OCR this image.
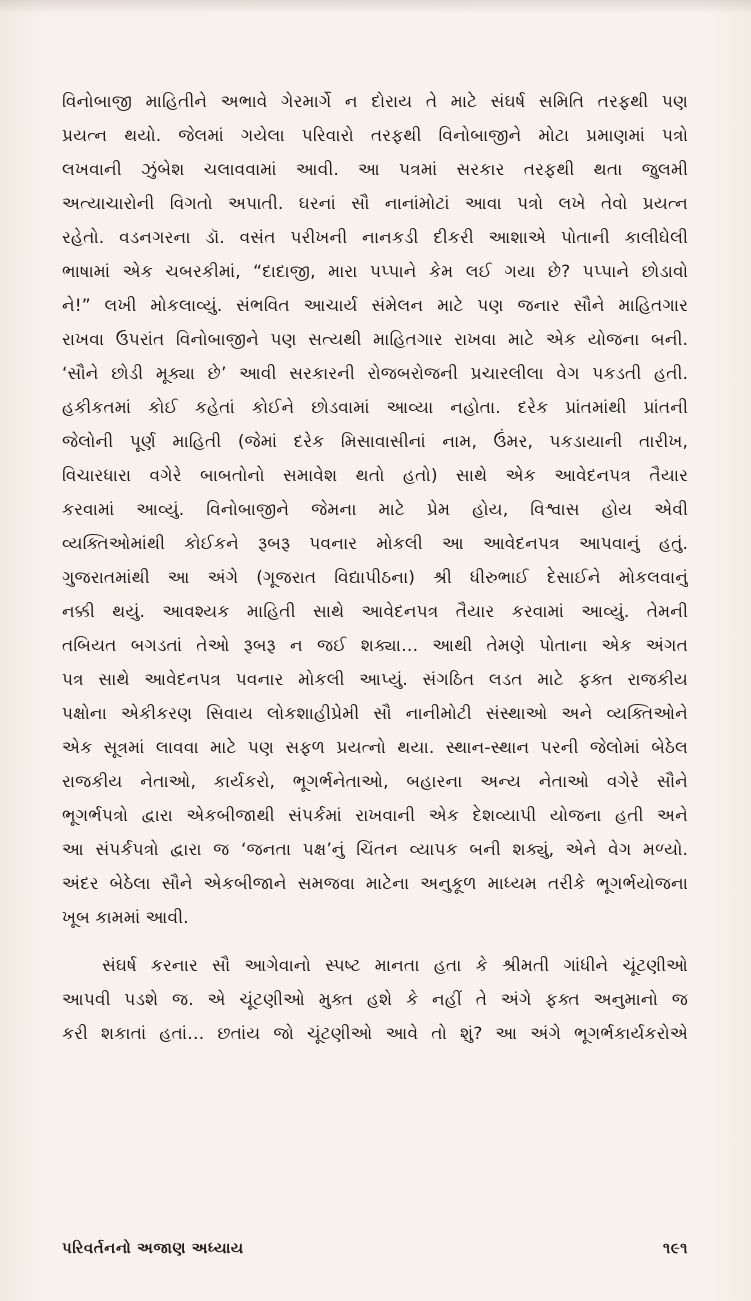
વિનોબાજી માહિતીને અભાવે ગેરમાર્ગે ન દોરાય તે માટે સંઘર્ષ સમિતિ તરફથી પણ
પ્રયત્ન થયો. જેલમાં ગયેલા પરિવારો તરફથી વિનોબાજીને મોટા પ્રમાણમાં પત્રો
લખવાની ઝુંબેશ ચલાવવામાં આવી. આ પત્રમાં સરકાર તરફથી થતા જુલમી
અત્યાચારોની વિગતો અપાતી. ઘરનાં સૌ નાનાંમોટાં આવા પત્રો લખે તેવો પ્રયત્ન
રહેતો. વડનગરના ડૉ. વસંત પરીખની નાનકડી દીકરી આશાએ પોતાની કાલીઘેલી
ભાષામાં એક ચબરકીમાં, “દાદાજી, મારા પપ્પાને કેમ લઈ ગયા છે? પપ્પાને છોડાવો
ને!” લખી મોકલાવ્યું. સંભવિત આચાર્ય સંમેલન માટે પણ જનાર સૌને માહિતગાર
રાખવા ઉપરાંત વિનોબાજીને પણ સત્યથી માહિતગાર રાખવા માટે એક યોજના બની.
‘સૌને છોડી મૂક્યા છે’ આવી સરકારની રોજબરોજની પ્રચારલીલા વેગ પકડતી હતી.
હકીકતમાં કોઈ કહેતાં કોઈને છોડવામાં આવ્યા નહોતા. દરેક પ્રાંતમાંથી પ્રાંતની
જેલોની પૂર્ણ માહિતી (જેમાં દરેક મિસાવાસીનાં નામ, ઉંમર, પકડાયાની તારીખ,
વિચારધારા વગેરે બાબતોનો સમાવેશ થતો હતો) સાથે એક આવેદનપત્ર તૈયાર
કરવામાં આવ્યું. વિનોબાજીને જેમના માટે પ્રેમ હોય, વિશ્વાસ હોય એવી
વ્યક્તિઓમાંથી કોઈકને રૂબરૂ પવનાર મોકલી આ આવેદનપત્ર આપવાનું હતું.
ગુજરાતમાંથી આ અંગે (ગૂજરાત વિદ્યાપીઠના) શ્રી ધીરુભાઈ દેસાઈને મોકલવાનું
નક્કી થયું. આવશ્યક માહિતી સાથે આવેદનપત્ર તૈયાર કરવામાં આવ્યું. તેમની
તબિયત બગડતાં તેઓ રૂબરૂ ન જઈ શક્યા… આથી તેમણે પોતાના એક અંગત
પત્ર સાથે આવેદનપત્ર પવનાર મોકલી આપ્યું. સંગઠિત લડત માટે ફક્ત રાજકીય
પક્ષોના એકીકરણ સિવાય લોકશાહીપ્રેમી સૌ નાનીમોટી સંસ્થાઓ અને વ્યક્તિઓને
એક સૂત્રમાં લાવવા માટે પણ સફળ પ્રયત્નો થયા. સ્થાન-સ્થાન પરની જેલોમાં બેઠેલ
રાજકીય નેતાઓ, કાર્યકરો, ભૂગર્ભનેતાઓ, બહારના અન્ય નેતાઓ વગેરે સૌને
ભૂગર્ભપત્રો દ્વારા એકબીજાથી સંપર્કમાં રાખવાની એક દેશવ્યાપી યોજના હતી અને
આ સંપર્કપત્રો દ્વારા જ ‘જનતા પક્ષ’નું ચિંતન વ્યાપક બની શક્યું, એને વેગ મળ્યો.
અંદર બેઠેલા સૌને એકબીજાને સમજવા માટેના અનુકૂળ માધ્યમ તરીકે ભૂગર્ભયોજના
ખૂબ કામમાં આવી.
સંઘર્ષ કરનાર સૌ આગેવાનો સ્પષ્ટ માનતા હતા કે શ્રીમતી ગાંધીને ચૂંટણીઓ
આપવી પડશે જ. એ ચૂંટણીઓ મુક્ત હશે કે નહીં તે અંગે ફક્ત અનુમાનો જ
કરી શકાતાં હતાં… છતાંય જો ચૂંટણીઓ આવે તો શું? આ અંગે ભૂગર્ભકાર્યકરોએ
પરિવર્તનનો અજાણ અધ્યાય	૧૯૧
